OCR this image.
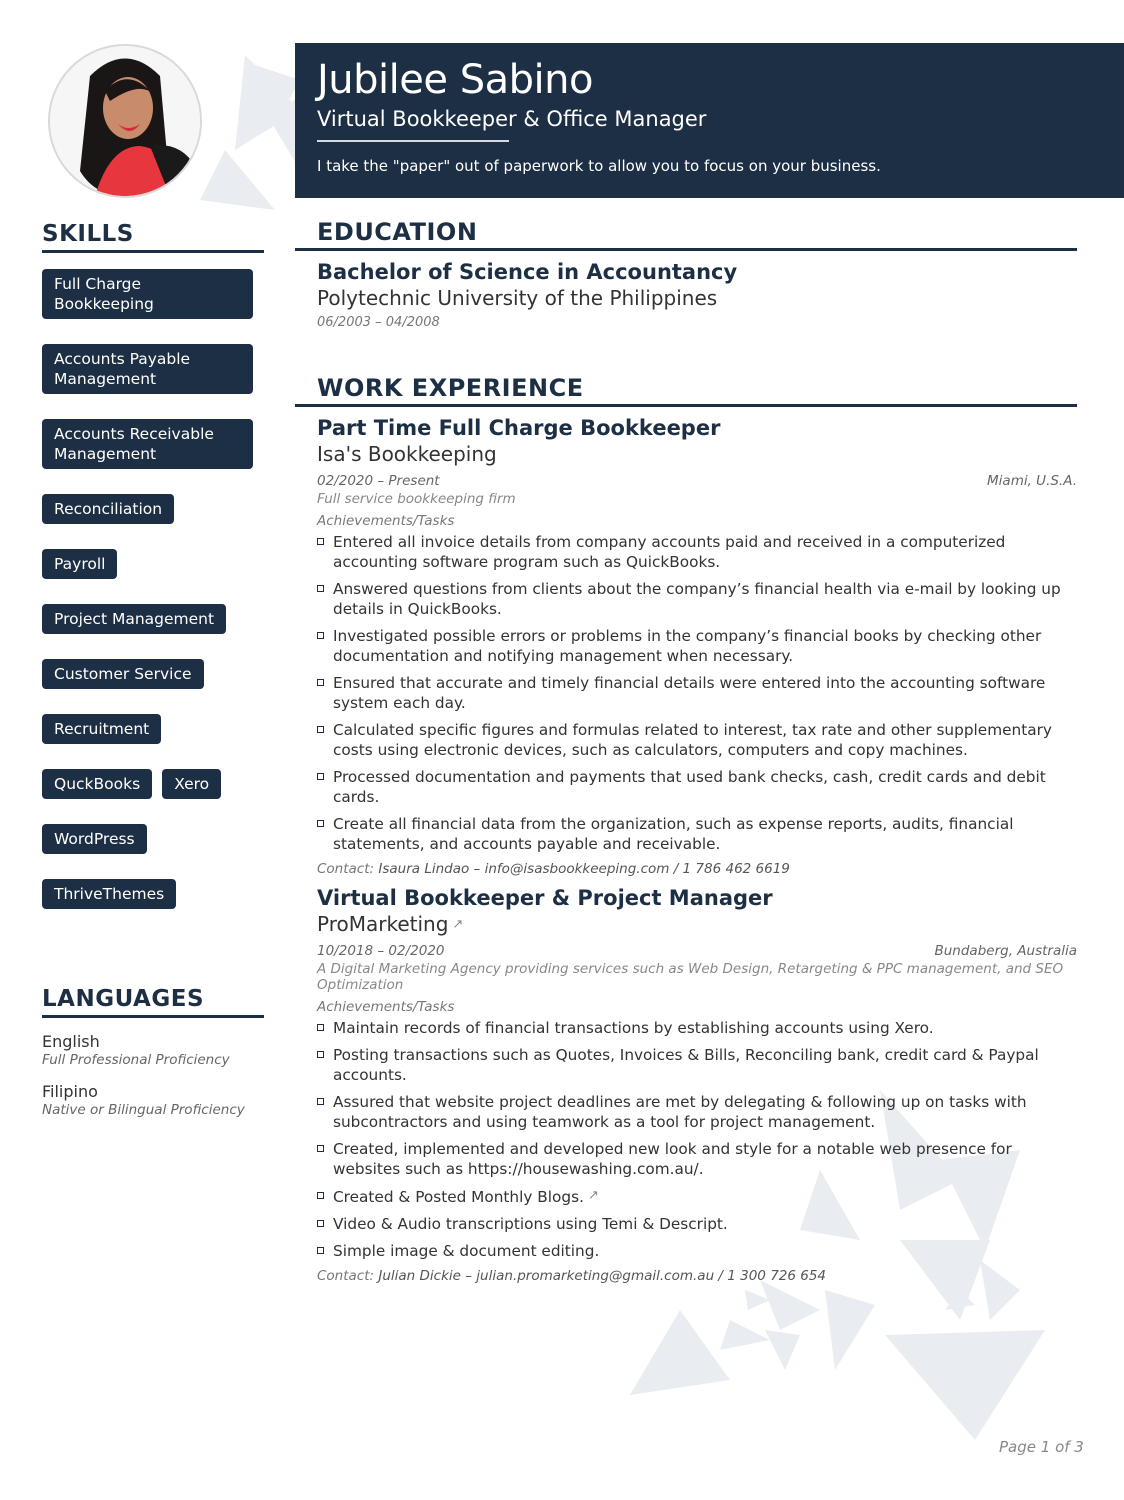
Jubilee Sabino
Virtual Bookkeeper & Office Manager
I take the "paper" out of paperwork to allow you to focus on your business.
SKILLS
Full Charge Bookkeeping
Accounts Payable Management
Accounts Receivable Management
Reconciliation
Payroll
Project Management
Customer Service
Recruitment
QuckBooks	Xero
WordPress
ThriveThemes
LANGUAGES
English
Full Professional Proficiency
Filipino
Native or Bilingual Proficiency
EDUCATION
Bachelor of Science in Accountancy
Polytechnic University of the Philippines
06/2003 – 04/2008
WORK EXPERIENCE
Part Time Full Charge Bookkeeper
Isa's Bookkeeping
02/2020 – Present	Miami, U.S.A.
Full service bookkeeping firm
Achievements/Tasks
Entered all invoice details from company accounts paid and received in a computerized accounting software program such as QuickBooks.
Answered questions from clients about the company’s financial health via e-mail by looking up details in QuickBooks.
Investigated possible errors or problems in the company’s financial books by checking other documentation and notifying management when necessary.
Ensured that accurate and timely financial details were entered into the accounting software system each day.
Calculated specific figures and formulas related to interest, tax rate and other supplementary costs using electronic devices, such as calculators, computers and copy machines.
Processed documentation and payments that used bank checks, cash, credit cards and debit cards.
Create all financial data from the organization, such as expense reports, audits, financial statements, and accounts payable and receivable.
Contact: Isaura Lindao – info@isasbookkeeping.com / 1 786 462 6619
Virtual Bookkeeper & Project Manager
ProMarketing ↗︎
10/2018 – 02/2020	Bundaberg, Australia
A Digital Marketing Agency providing services such as Web Design, Retargeting & PPC management, and SEO Optimization
Achievements/Tasks
Maintain records of financial transactions by establishing accounts using Xero.
Posting transactions such as Quotes, Invoices & Bills, Reconciling bank, credit card & Paypal accounts.
Assured that website project deadlines are met by delegating & following up on tasks with subcontractors and using teamwork as a tool for project management.
Created, implemented and developed new look and style for a notable web presence for websites such as https://housewashing.com.au/.
Created & Posted Monthly Blogs. ↗︎
Video & Audio transcriptions using Temi & Descript.
Simple image & document editing.
Contact: Julian Dickie – julian.promarketing@gmail.com.au / 1 300 726 654
Page 1 of 3
